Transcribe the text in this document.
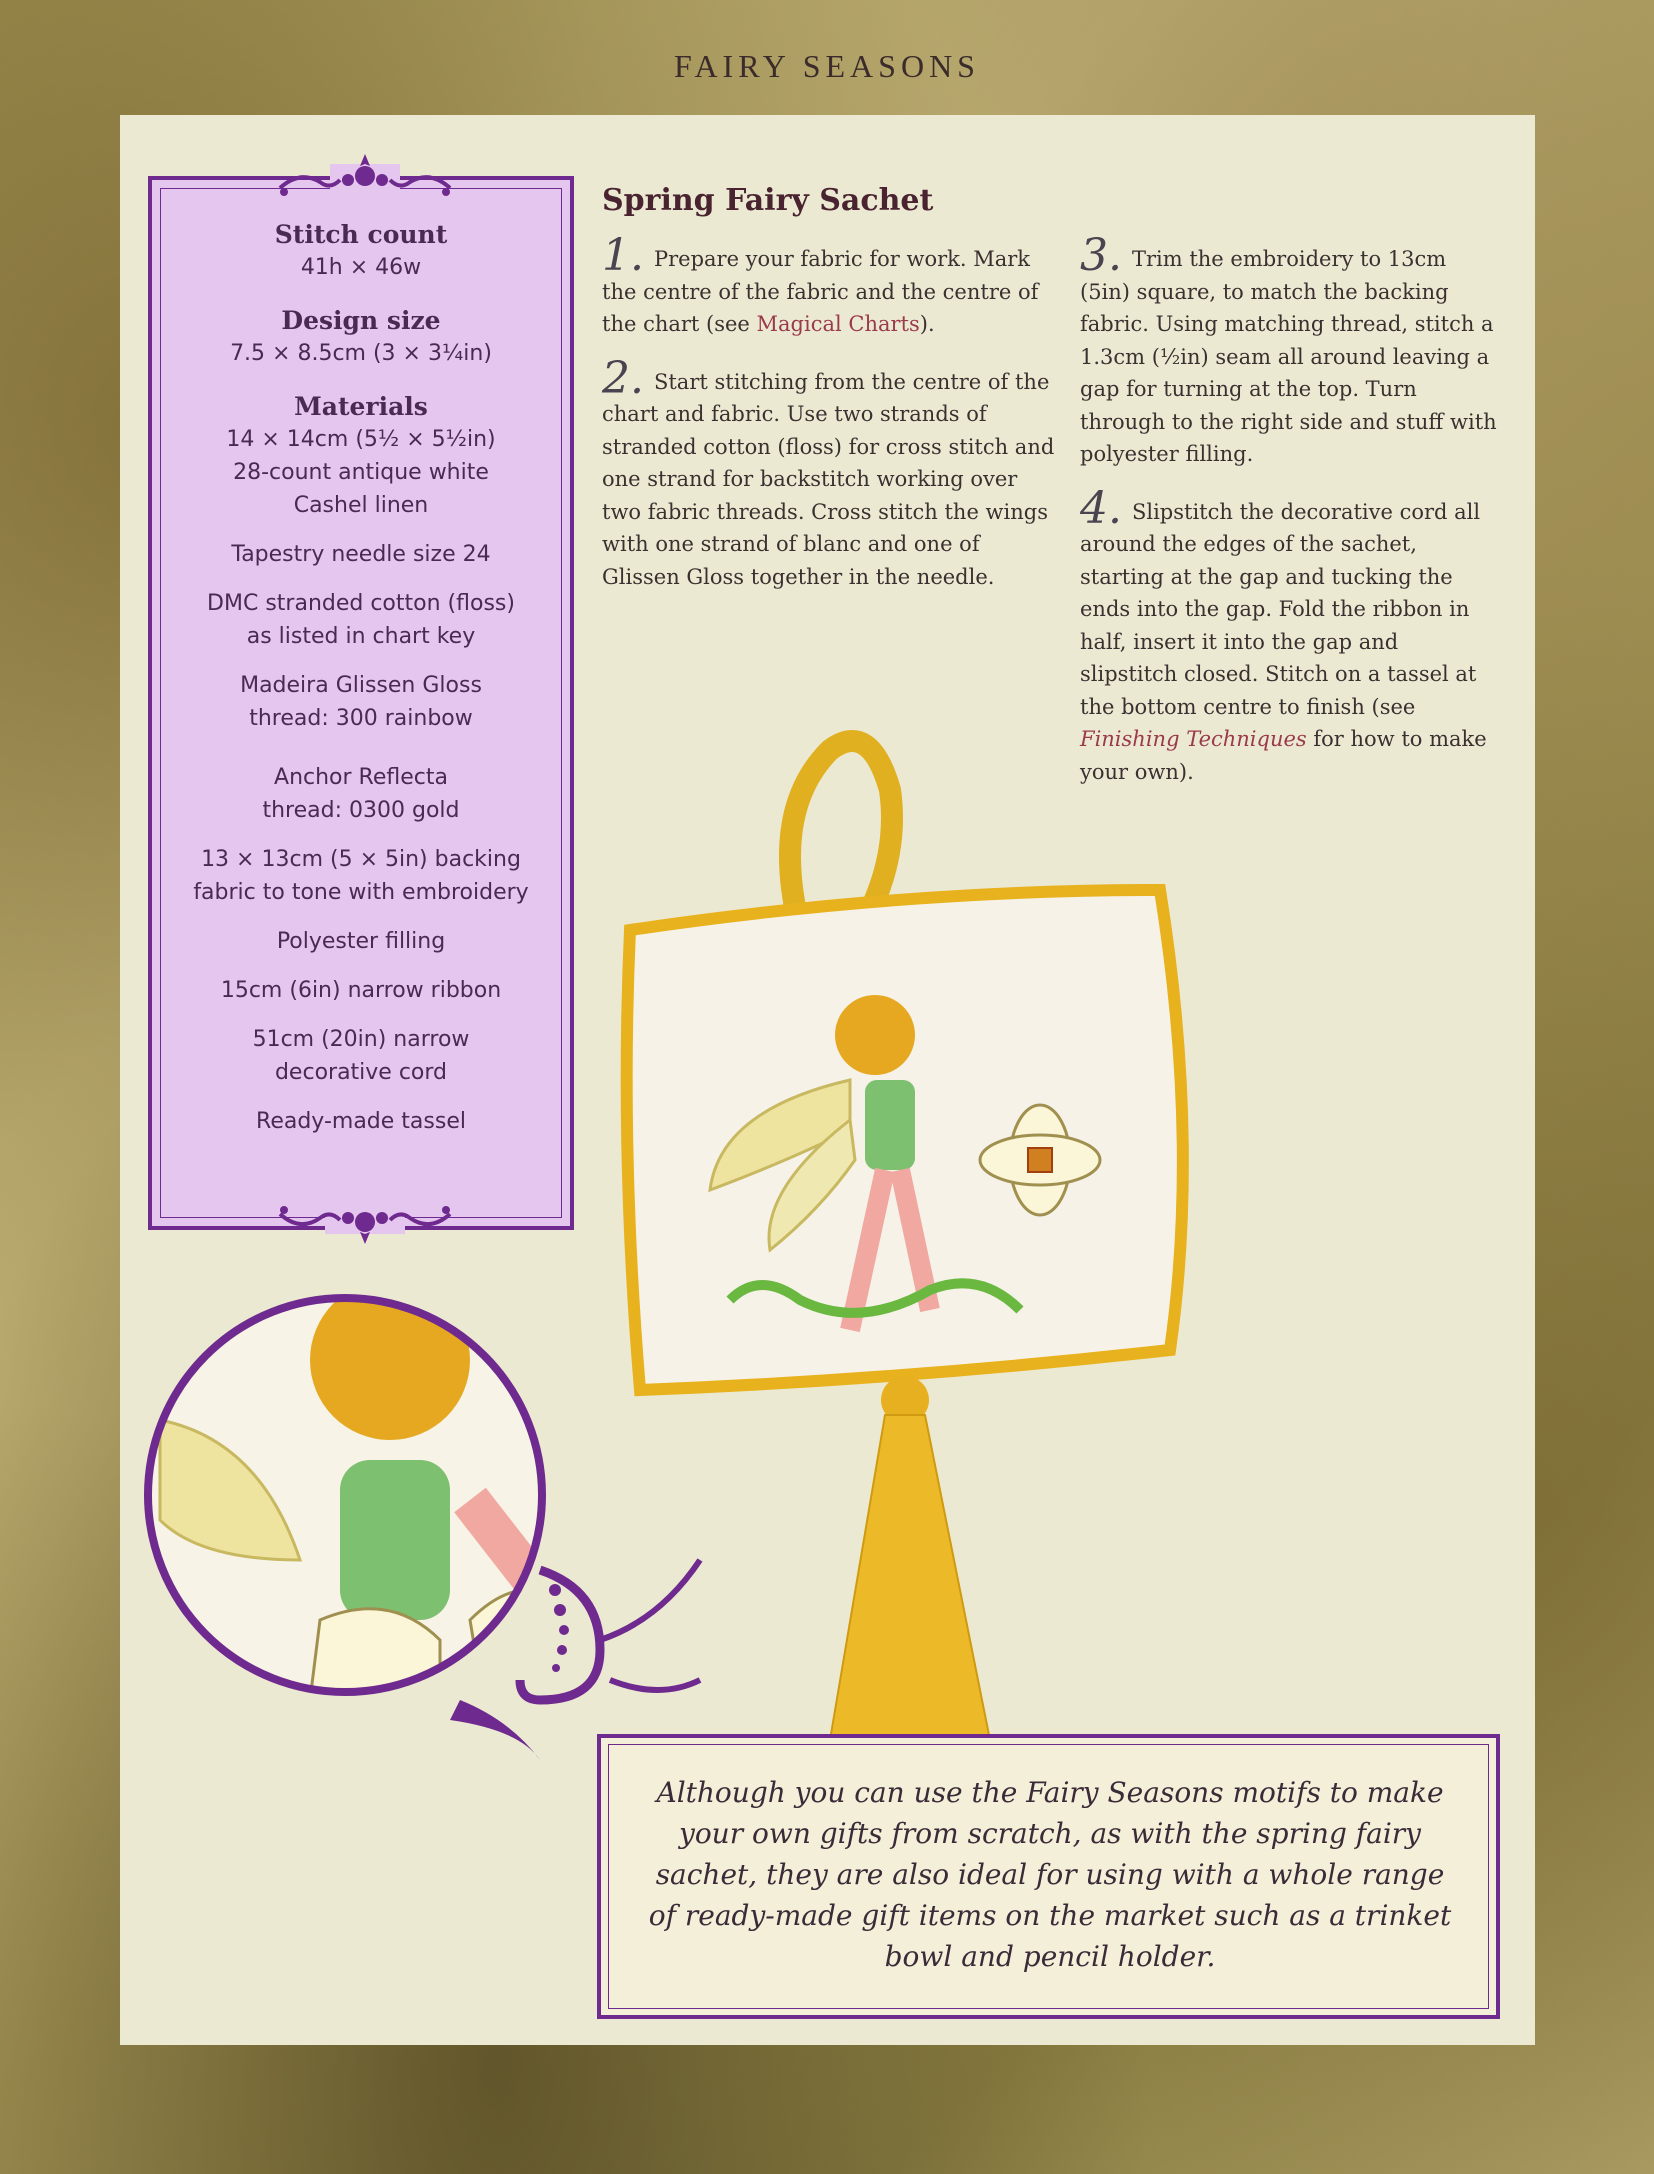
FAIRY SEASONS
Stitch count
41h × 46w
Design size
7.5 × 8.5cm (3 × 3¼in)
Materials
14 × 14cm (5½ × 5½in)
28-count antique white
Cashel linen
Tapestry needle size 24
DMC stranded cotton (floss)
as listed in chart key
Madeira Glissen Gloss
thread: 300 rainbow
Anchor Reflecta
thread: 0300 gold
13 × 13cm (5 × 5in) backing
fabric to tone with embroidery
Polyester filling
15cm (6in) narrow ribbon
51cm (20in) narrow
decorative cord
Ready-made tassel
Spring Fairy Sachet

1. Prepare your fabric for work. Mark the centre of the fabric and the centre of the chart (see Magical Charts).

2. Start stitching from the centre of the chart and fabric. Use two strands of stranded cotton (floss) for cross stitch and one strand for backstitch working over two fabric threads. Cross stitch the wings with one strand of blanc and one of Glissen Gloss together in the needle.

3. Trim the embroidery to 13cm (5in) square, to match the backing fabric. Using matching thread, stitch a 1.3cm (½in) seam all around leaving a gap for turning at the top. Turn through to the right side and stuff with polyester filling.

4. Slipstitch the decorative cord all around the edges of the sachet, starting at the gap and tucking the ends into the gap. Fold the ribbon in half, insert it into the gap and slipstitch closed. Stitch on a tassel at the bottom centre to finish (see Finishing Techniques for how to make your own).

Although you can use the Fairy Seasons motifs to make your own gifts from scratch, as with the spring fairy sachet, they are also ideal for using with a whole range of ready-made gift items on the market such as a trinket bowl and pencil holder.
